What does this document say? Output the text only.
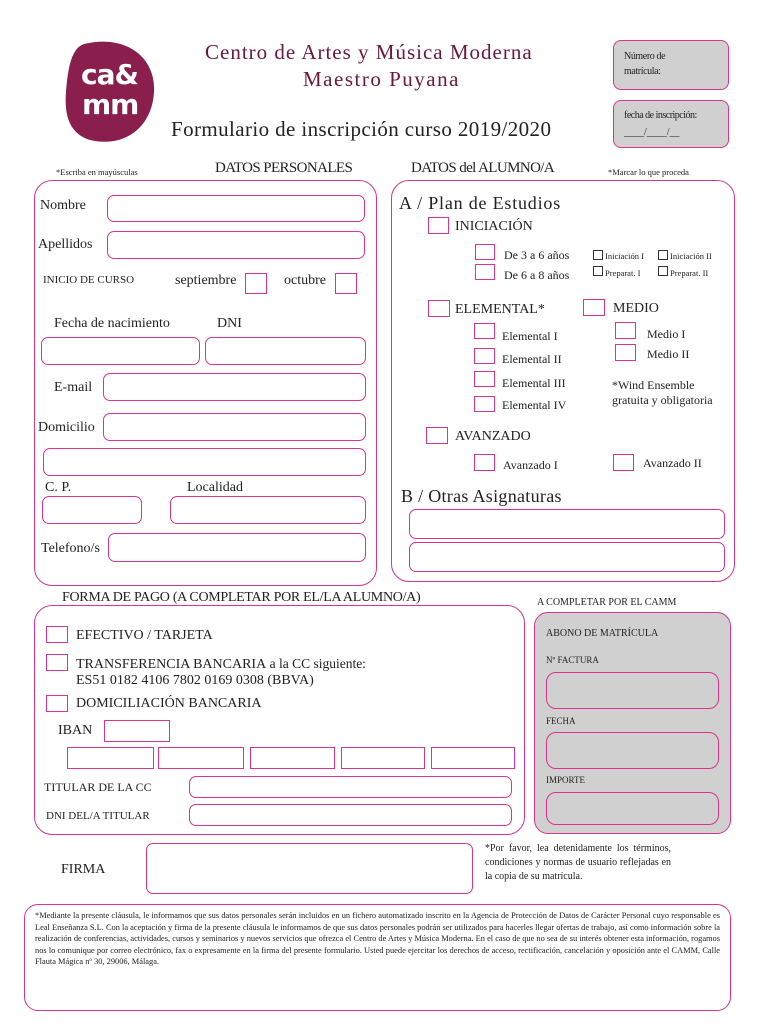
ca&
mm
Centro de Artes y Música Moderna
Maestro Puyana
Formulario de inscripción curso 2019/2020
Número de
matrícula:
fecha de inscripción:
____/____/__
*Escriba en mayúsculas	DATOS PERSONALES
Nombre
Apellidos
INICIO DE CURSO	septiembre	octubre
Fecha de nacimiento	DNI
E-mail
Domicilio
C. P.	Localidad
Telefono/s
DATOS del ALUMNO/A	*Marcar lo que proceda
A / Plan de Estudios
INICIACIÓN
De 3 a 6 años
De 6 a 8 años
Iniciación I	Iniciación II
Preparat. I	Preparat. II
ELEMENTAL*	MEDIO
Elemental I
Elemental II
Elemental III
Elemental IV
Medio I
Medio II
*Wind Ensemble
gratuita y obligatoria
AVANZADO
Avanzado I	Avanzado II
B / Otras Asignaturas
FORMA DE PAGO (A COMPLETAR POR EL/LA ALUMNO/A)
EFECTIVO / TARJETA
TRANSFERENCIA BANCARIA a la CC siguiente:
ES51 0182 4106 7802 0169 0308 (BBVA)
DOMICILIACIÓN BANCARIA
IBAN
TITULAR DE LA CC
DNI DEL/A TITULAR
A COMPLETAR POR EL CAMM
ABONO DE MATRÍCULA
Nº FACTURA
FECHA
IMPORTE
FIRMA
*Por favor, lea detenidamente los términos, condiciones y normas de usuario reflejadas en la copia de su matrícula.
*Mediante la presente cláusula, le informamos que sus datos personales serán incluidos en un fichero automatizado inscrito en la Agencia de Protección de Datos de Carácter Personal cuyo responsable es Leal Enseñanza S.L. Con la aceptación y firma de la presente cláusula le informamos de que sus datos personales podrán ser utilizados para hacerles llegar ofertas de trabajo, así como información sobre la realización de conferencias, actividades, cursos y seminarios y nuevos servicios que ofrezca el Centro de Artes y Música Moderna. En el caso de que no sea de su interés obtener esta información, rogamos nos lo comunique por correo electrónico, fax o expresamente en la firma del presente formulario. Usted puede ejercitar los derechos de acceso, rectificación, cancelación y oposición ante el CAMM, Calle Flauta Mágica nº 30, 29006, Málaga.
